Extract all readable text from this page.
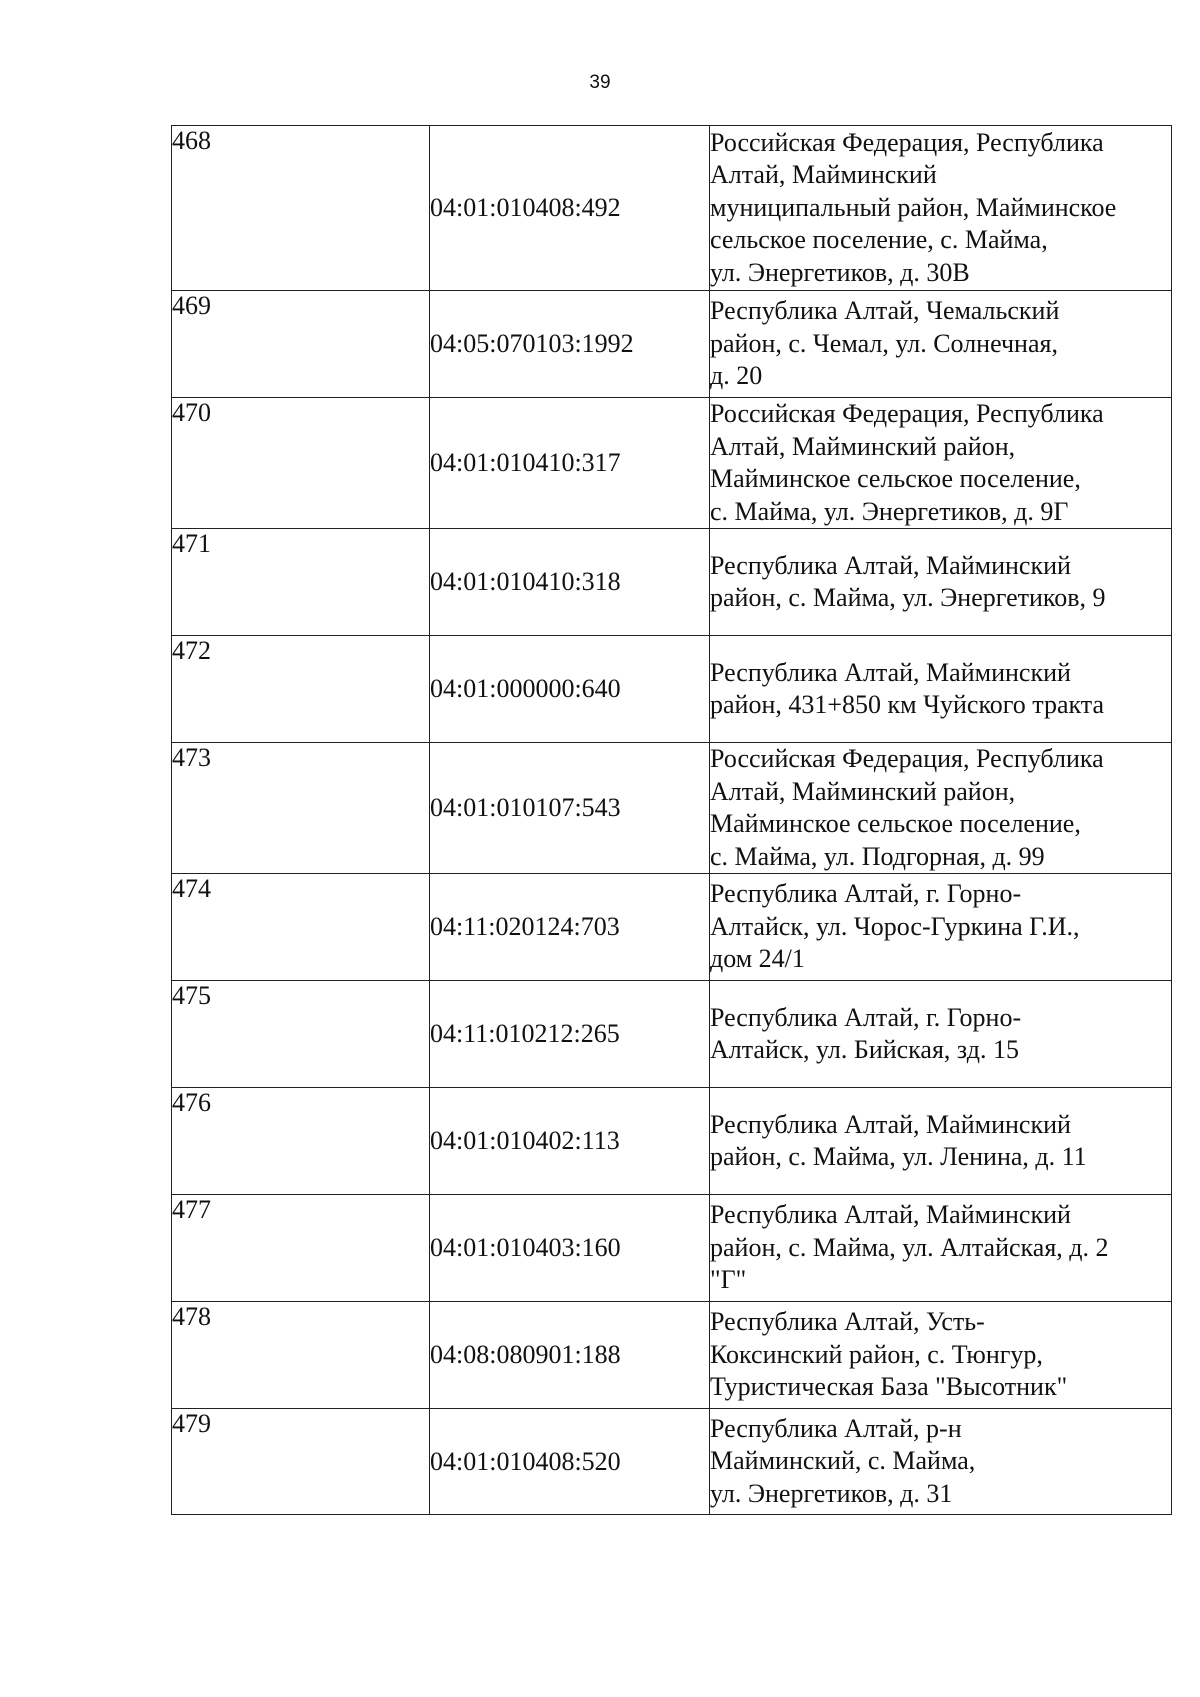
39
468	04:01:010408:492	Российская Федерация, Республика
Алтай, Майминский
муниципальный район, Майминское
сельское поселение, с. Майма,
ул. Энергетиков, д. 30В

469	04:05:070103:1992	Республика Алтай, Чемальский
район, с. Чемал, ул. Солнечная,
д. 20

470	04:01:010410:317	Российская Федерация, Республика
Алтай, Майминский район,
Майминское сельское поселение,
с. Майма, ул. Энергетиков, д. 9Г

471	04:01:010410:318	Республика Алтай, Майминский
район, с. Майма, ул. Энергетиков, 9

472	04:01:000000:640	Республика Алтай, Майминский
район, 431+850 км Чуйского тракта

473	04:01:010107:543	Российская Федерация, Республика
Алтай, Майминский район,
Майминское сельское поселение,
с. Майма, ул. Подгорная, д. 99

474	04:11:020124:703	Республика Алтай, г. Горно-
Алтайск, ул. Чорос-Гуркина Г.И.,
дом 24/1

475	04:11:010212:265	Республика Алтай, г. Горно-
Алтайск, ул. Бийская, зд. 15

476	04:01:010402:113	Республика Алтай, Майминский
район, с. Майма, ул. Ленина, д. 11

477	04:01:010403:160	Республика Алтай, Майминский
район, с. Майма, ул. Алтайская, д. 2
"Г"

478	04:08:080901:188	Республика Алтай, Усть-
Коксинский район, с. Тюнгур,
Туристическая База "Высотник"

479	04:01:010408:520	Республика Алтай, р-н
Майминский, с. Майма,
ул. Энергетиков, д. 31
